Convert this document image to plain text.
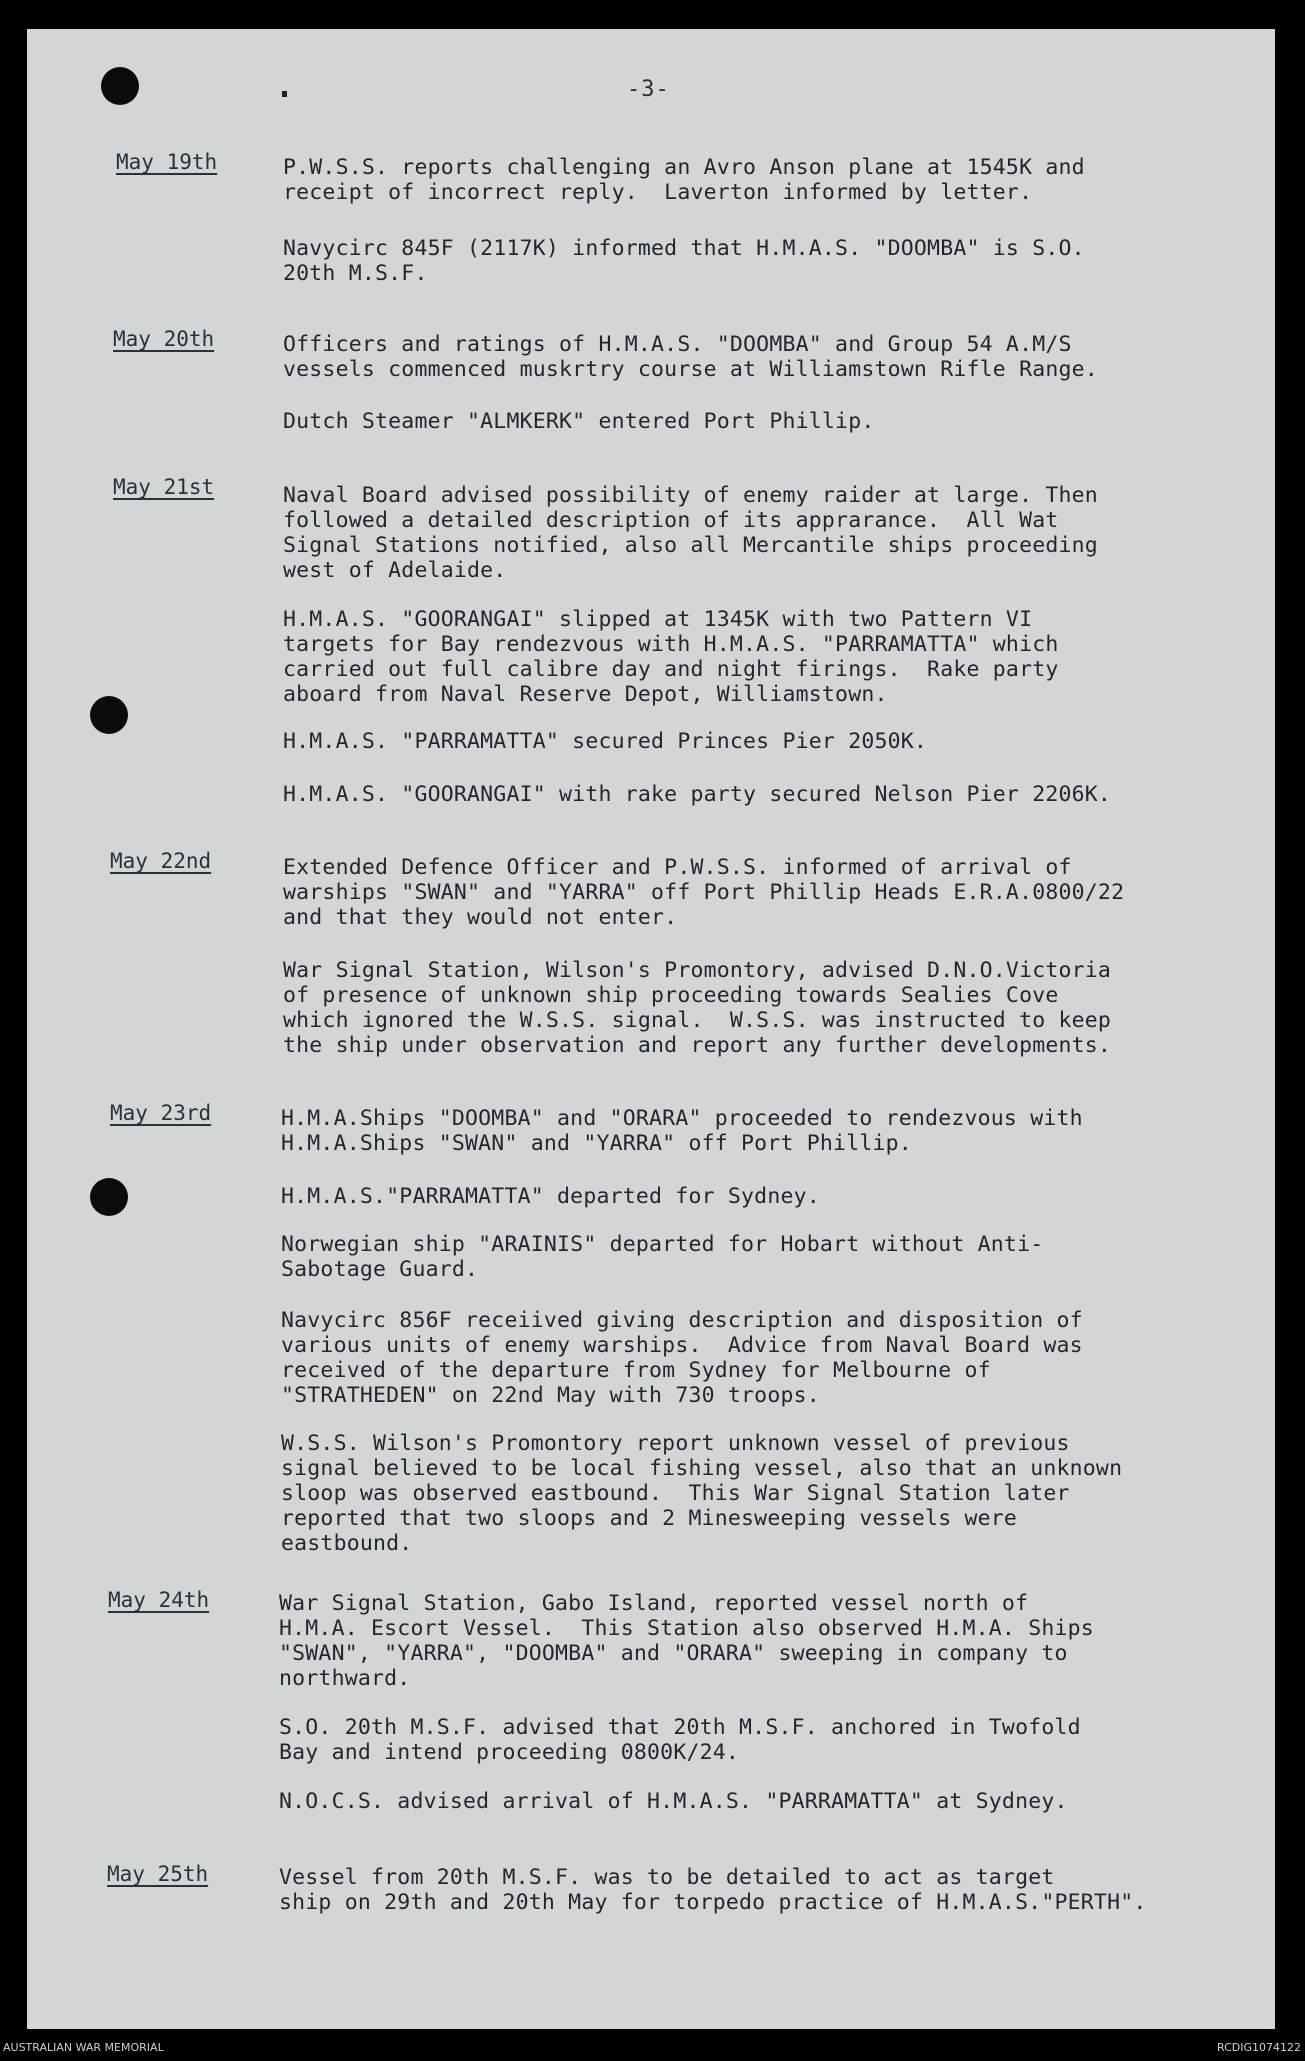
-3-
May 19th	P.W.S.S. reports challenging an Avro Anson plane at 1545K and
receipt of incorrect reply.  Laverton informed by letter.
Navycirc 845F (2117K) informed that H.M.A.S. "DOOMBA" is S.O.
20th M.S.F.
May 20th	Officers and ratings of H.M.A.S. "DOOMBA" and Group 54 A.M/S
vessels commenced muskrtry course at Williamstown Rifle Range.
Dutch Steamer "ALMKERK" entered Port Phillip.
May 21st	Naval Board advised possibility of enemy raider at large. Then
followed a detailed description of its apprarance.  All Wat
Signal Stations notified, also all Mercantile ships proceeding
west of Adelaide.
H.M.A.S. "GOORANGAI" slipped at 1345K with two Pattern VI
targets for Bay rendezvous with H.M.A.S. "PARRAMATTA" which
carried out full calibre day and night firings.  Rake party
aboard from Naval Reserve Depot, Williamstown.
H.M.A.S. "PARRAMATTA" secured Princes Pier 2050K.
H.M.A.S. "GOORANGAI" with rake party secured Nelson Pier 2206K.
May 22nd	Extended Defence Officer and P.W.S.S. informed of arrival of
warships "SWAN" and "YARRA" off Port Phillip Heads E.R.A.0800/22
and that they would not enter.
War Signal Station, Wilson's Promontory, advised D.N.O.Victoria
of presence of unknown ship proceeding towards Sealies Cove
which ignored the W.S.S. signal.  W.S.S. was instructed to keep
the ship under observation and report any further developments.
May 23rd	H.M.A.Ships "DOOMBA" and "ORARA" proceeded to rendezvous with
H.M.A.Ships "SWAN" and "YARRA" off Port Phillip.
H.M.A.S."PARRAMATTA" departed for Sydney.
Norwegian ship "ARAINIS" departed for Hobart without Anti-
Sabotage Guard.
Navycirc 856F receiived giving description and disposition of
various units of enemy warships.  Advice from Naval Board was
received of the departure from Sydney for Melbourne of
"STRATHEDEN" on 22nd May with 730 troops.
W.S.S. Wilson's Promontory report unknown vessel of previous
signal believed to be local fishing vessel, also that an unknown
sloop was observed eastbound.  This War Signal Station later
reported that two sloops and 2 Minesweeping vessels were
eastbound.
May 24th	War Signal Station, Gabo Island, reported vessel north of
H.M.A. Escort Vessel.  This Station also observed H.M.A. Ships
"SWAN", "YARRA", "DOOMBA" and "ORARA" sweeping in company to
northward.
S.O. 20th M.S.F. advised that 20th M.S.F. anchored in Twofold
Bay and intend proceeding 0800K/24.
N.O.C.S. advised arrival of H.M.A.S. "PARRAMATTA" at Sydney.
May 25th	Vessel from 20th M.S.F. was to be detailed to act as target
ship on 29th and 20th May for torpedo practice of H.M.A.S."PERTH".
AUSTRALIAN WAR MEMORIAL	RCDIG1074122
